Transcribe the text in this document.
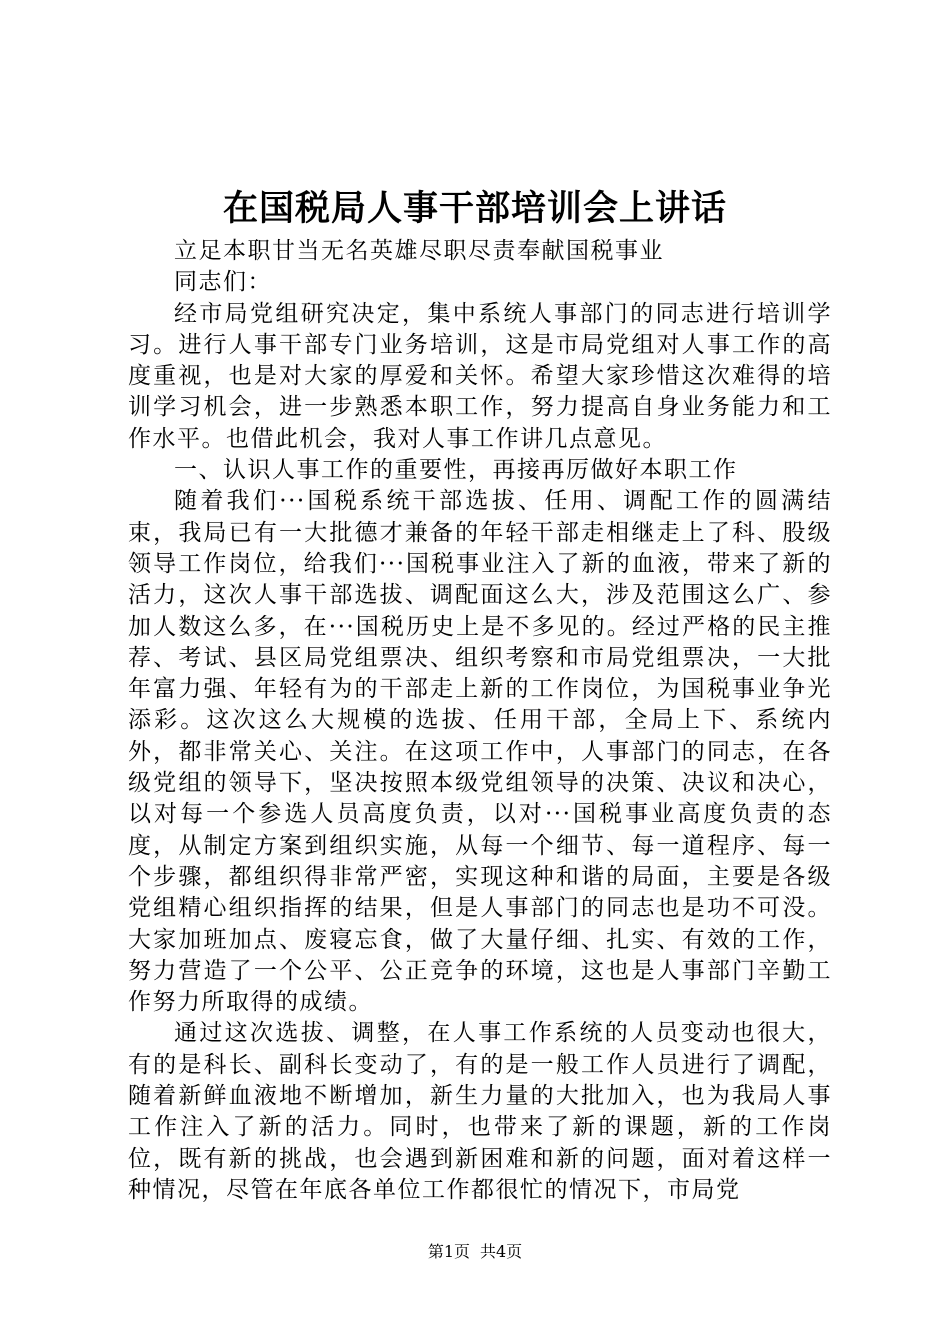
在国税局人事干部培训会上讲话

立足本职甘当无名英雄尽职尽责奉献国税事业

同志们：

经市局党组研究决定，集中系统人事部门的同志进行培训学习。进行人事干部专门业务培训，这是市局党组对人事工作的高度重视，也是对大家的厚爱和关怀。希望大家珍惜这次难得的培训学习机会，进一步熟悉本职工作，努力提高自身业务能力和工作水平。也借此机会，我对人事工作讲几点意见。

一、认识人事工作的重要性，再接再厉做好本职工作

随着我们···国税系统干部选拔、任用、调配工作的圆满结束，我局已有一大批德才兼备的年轻干部走相继走上了科、股级领导工作岗位，给我们···国税事业注入了新的血液，带来了新的活力，这次人事干部选拔、调配面这么大，涉及范围这么广、参加人数这么多，在···国税历史上是不多见的。经过严格的民主推荐、考试、县区局党组票决、组织考察和市局党组票决，一大批年富力强、年轻有为的干部走上新的工作岗位，为国税事业争光添彩。这次这么大规模的选拔、任用干部，全局上下、系统内外，都非常关心、关注。在这项工作中，人事部门的同志，在各级党组的领导下，坚决按照本级党组领导的决策、决议和决心，以对每一个参选人员高度负责，以对···国税事业高度负责的态度，从制定方案到组织实施，从每一个细节、每一道程序、每一个步骤，都组织得非常严密，实现这种和谐的局面，主要是各级党组精心组织指挥的结果，但是人事部门的同志也是功不可没。大家加班加点、废寝忘食，做了大量仔细、扎实、有效的工作，努力营造了一个公平、公正竞争的环境，这也是人事部门辛勤工作努力所取得的成绩。

通过这次选拔、调整，在人事工作系统的人员变动也很大，有的是科长、副科长变动了，有的是一般工作人员进行了调配，随着新鲜血液地不断增加，新生力量的大批加入，也为我局人事工作注入了新的活力。同时，也带来了新的课题，新的工作岗位，既有新的挑战，也会遇到新困难和新的问题，面对着这样一种情况，尽管在年底各单位工作都很忙的情况下，市局党

第1页 共4页
